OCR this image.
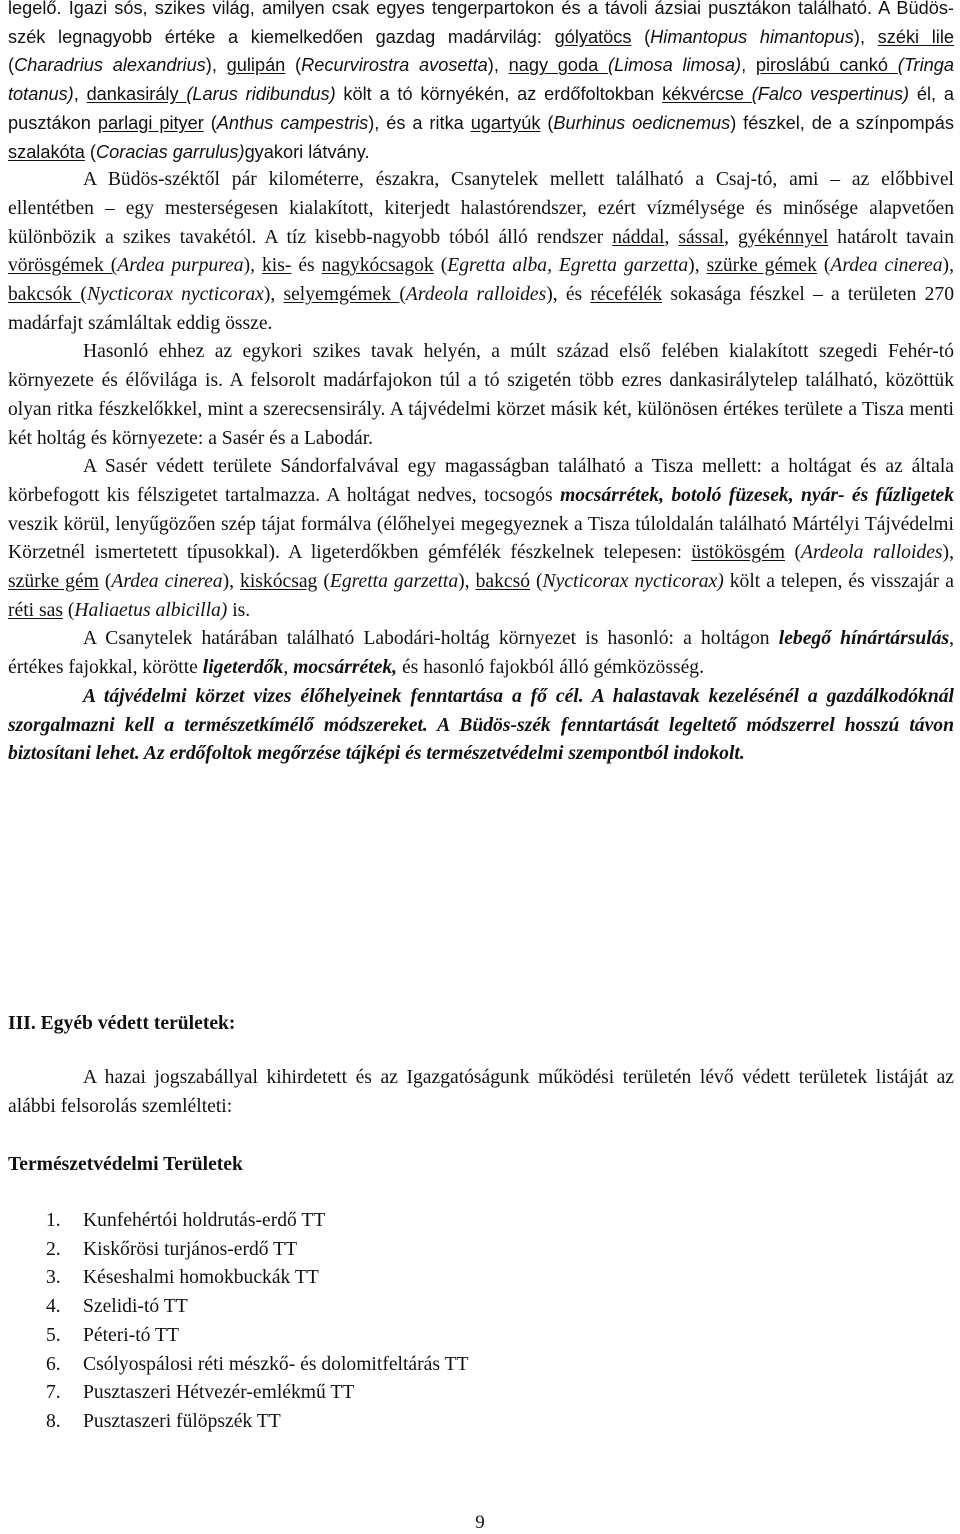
legelő. Igazi sós, szikes világ, amilyen csak egyes tengerpartokon és a távoli ázsiai pusztákon található. A Büdös-szék legnagyobb értéke a kiemelkedően gazdag madárvilág: gólyatöcs (Himantopus himantopus), széki lile (Charadrius alexandrius), gulipán (Recurvirostra avosetta), nagy goda (Limosa limosa), piroslábú cankó (Tringa totanus), dankasirály (Larus ridibundus) költ a tó környékén, az erdőfoltokban kékvércse (Falco vespertinus) él, a pusztákon parlagi pityer (Anthus campestris), és a ritka ugartyúk (Burhinus oedicnemus) fészkel, de a színpompás szalakóta (Coracias garrulus)gyakori látvány.

A Büdös-széktől pár kilométerre, északra, Csanytelek mellett található a Csaj-tó, ami – az előbbivel ellentétben – egy mesterségesen kialakított, kiterjedt halastórendszer, ezért vízmélysége és minősége alapvetően különbözik a szikes tavakétól. A tíz kisebb-nagyobb tóból álló rendszer náddal, sással, gyékénnyel határolt tavain vörösgémek (Ardea purpurea), kis- és nagykócsagok (Egretta alba, Egretta garzetta), szürke gémek (Ardea cinerea), bakcsók (Nycticorax nycticorax), selyemgémek (Ardeola ralloides), és récefélék sokasága fészkel – a területen 270 madárfajt számláltak eddig össze.

Hasonló ehhez az egykori szikes tavak helyén, a múlt század első felében kialakított szegedi Fehér-tó környezete és élővilága is. A felsorolt madárfajokon túl a tó szigetén több ezres dankasirálytelep található, közöttük olyan ritka fészkelőkkel, mint a szerecsensirály. A tájvédelmi körzet másik két, különösen értékes területe a Tisza menti két holtág és környezete: a Sasér és a Labodár.

A Sasér védett területe Sándorfalvával egy magasságban található a Tisza mellett: a holtágat és az általa körbefogott kis félszigetet tartalmazza. A holtágat nedves, tocsogós mocsárrétek, botoló füzesek, nyár- és fűzligetek veszik körül, lenyűgözően szép tájat formálva (élőhelyei megegyeznek a Tisza túloldalán található Mártélyi Tájvédelmi Körzetnél ismertetett típusokkal). A ligeterdőkben gémfélék fészkelnek telepesen: üstökösgém (Ardeola ralloides), szürke gém (Ardea cinerea), kiskócsag (Egretta garzetta), bakcsó (Nycticorax nycticorax) költ a telepen, és visszajár a réti sas (Haliaetus albicilla) is.

A Csanytelek határában található Labodári-holtág környezet is hasonló: a holtágon lebegő hínártársulás, értékes fajokkal, körötte ligeterdők, mocsárrétek, és hasonló fajokból álló gémközösség.

A tájvédelmi körzet vizes élőhelyeinek fenntartása a fő cél. A halastavak kezelésénél a gazdálkodóknál szorgalmazni kell a természetkímélő módszereket. A Büdös-szék fenntartását legeltető módszerrel hosszú távon biztosítani lehet. Az erdőfoltok megőrzése tájképi és természetvédelmi szempontból indokolt.

III. Egyéb védett területek:

A hazai jogszabállyal kihirdetett és az Igazgatóságunk működési területén lévő védett területek listáját az alábbi felsorolás szemlélteti:

Természetvédelmi Területek
1. Kunfehértói holdrutás-erdő TT
2. Kiskőrösi turjános-erdő TT
3. Késeshalmi homokbuckák TT
4. Szelidi-tó TT
5. Péteri-tó TT
6. Csólyospálosi réti mészkő- és dolomitfeltárás TT
7. Pusztaszeri Hétvezér-emlékmű TT
8. Pusztaszeri fülöpszék TT
9
